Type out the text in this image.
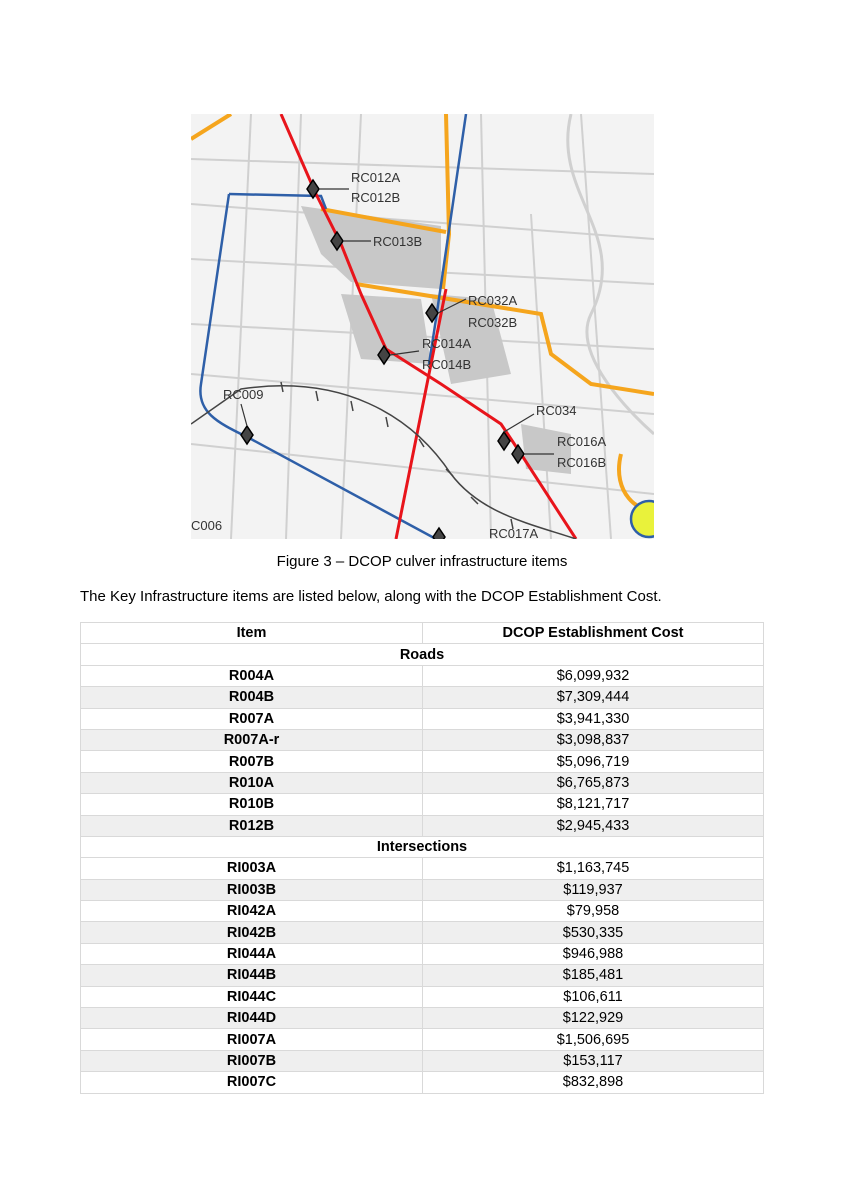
RC012A
RC012B
RC013B
RC032A
RC032B
RC014A
RC014B
RC009
RC034
RC016A
RC016B
C006
RC017A
Figure 3 – DCOP culver infrastructure items
The Key Infrastructure items are listed below, along with the DCOP Establishment Cost.
Item	DCOP Establishment Cost
Roads	
R004A	$6,099,932
R004B	$7,309,444
R007A	$3,941,330
R007A-r	$3,098,837
R007B	$5,096,719
R010A	$6,765,873
R010B	$8,121,717
R012B	$2,945,433
Intersections	
RI003A	$1,163,745
RI003B	$119,937
RI042A	$79,958
RI042B	$530,335
RI044A	$946,988
RI044B	$185,481
RI044C	$106,611
RI044D	$122,929
RI007A	$1,506,695
RI007B	$153,117
RI007C	$832,898
